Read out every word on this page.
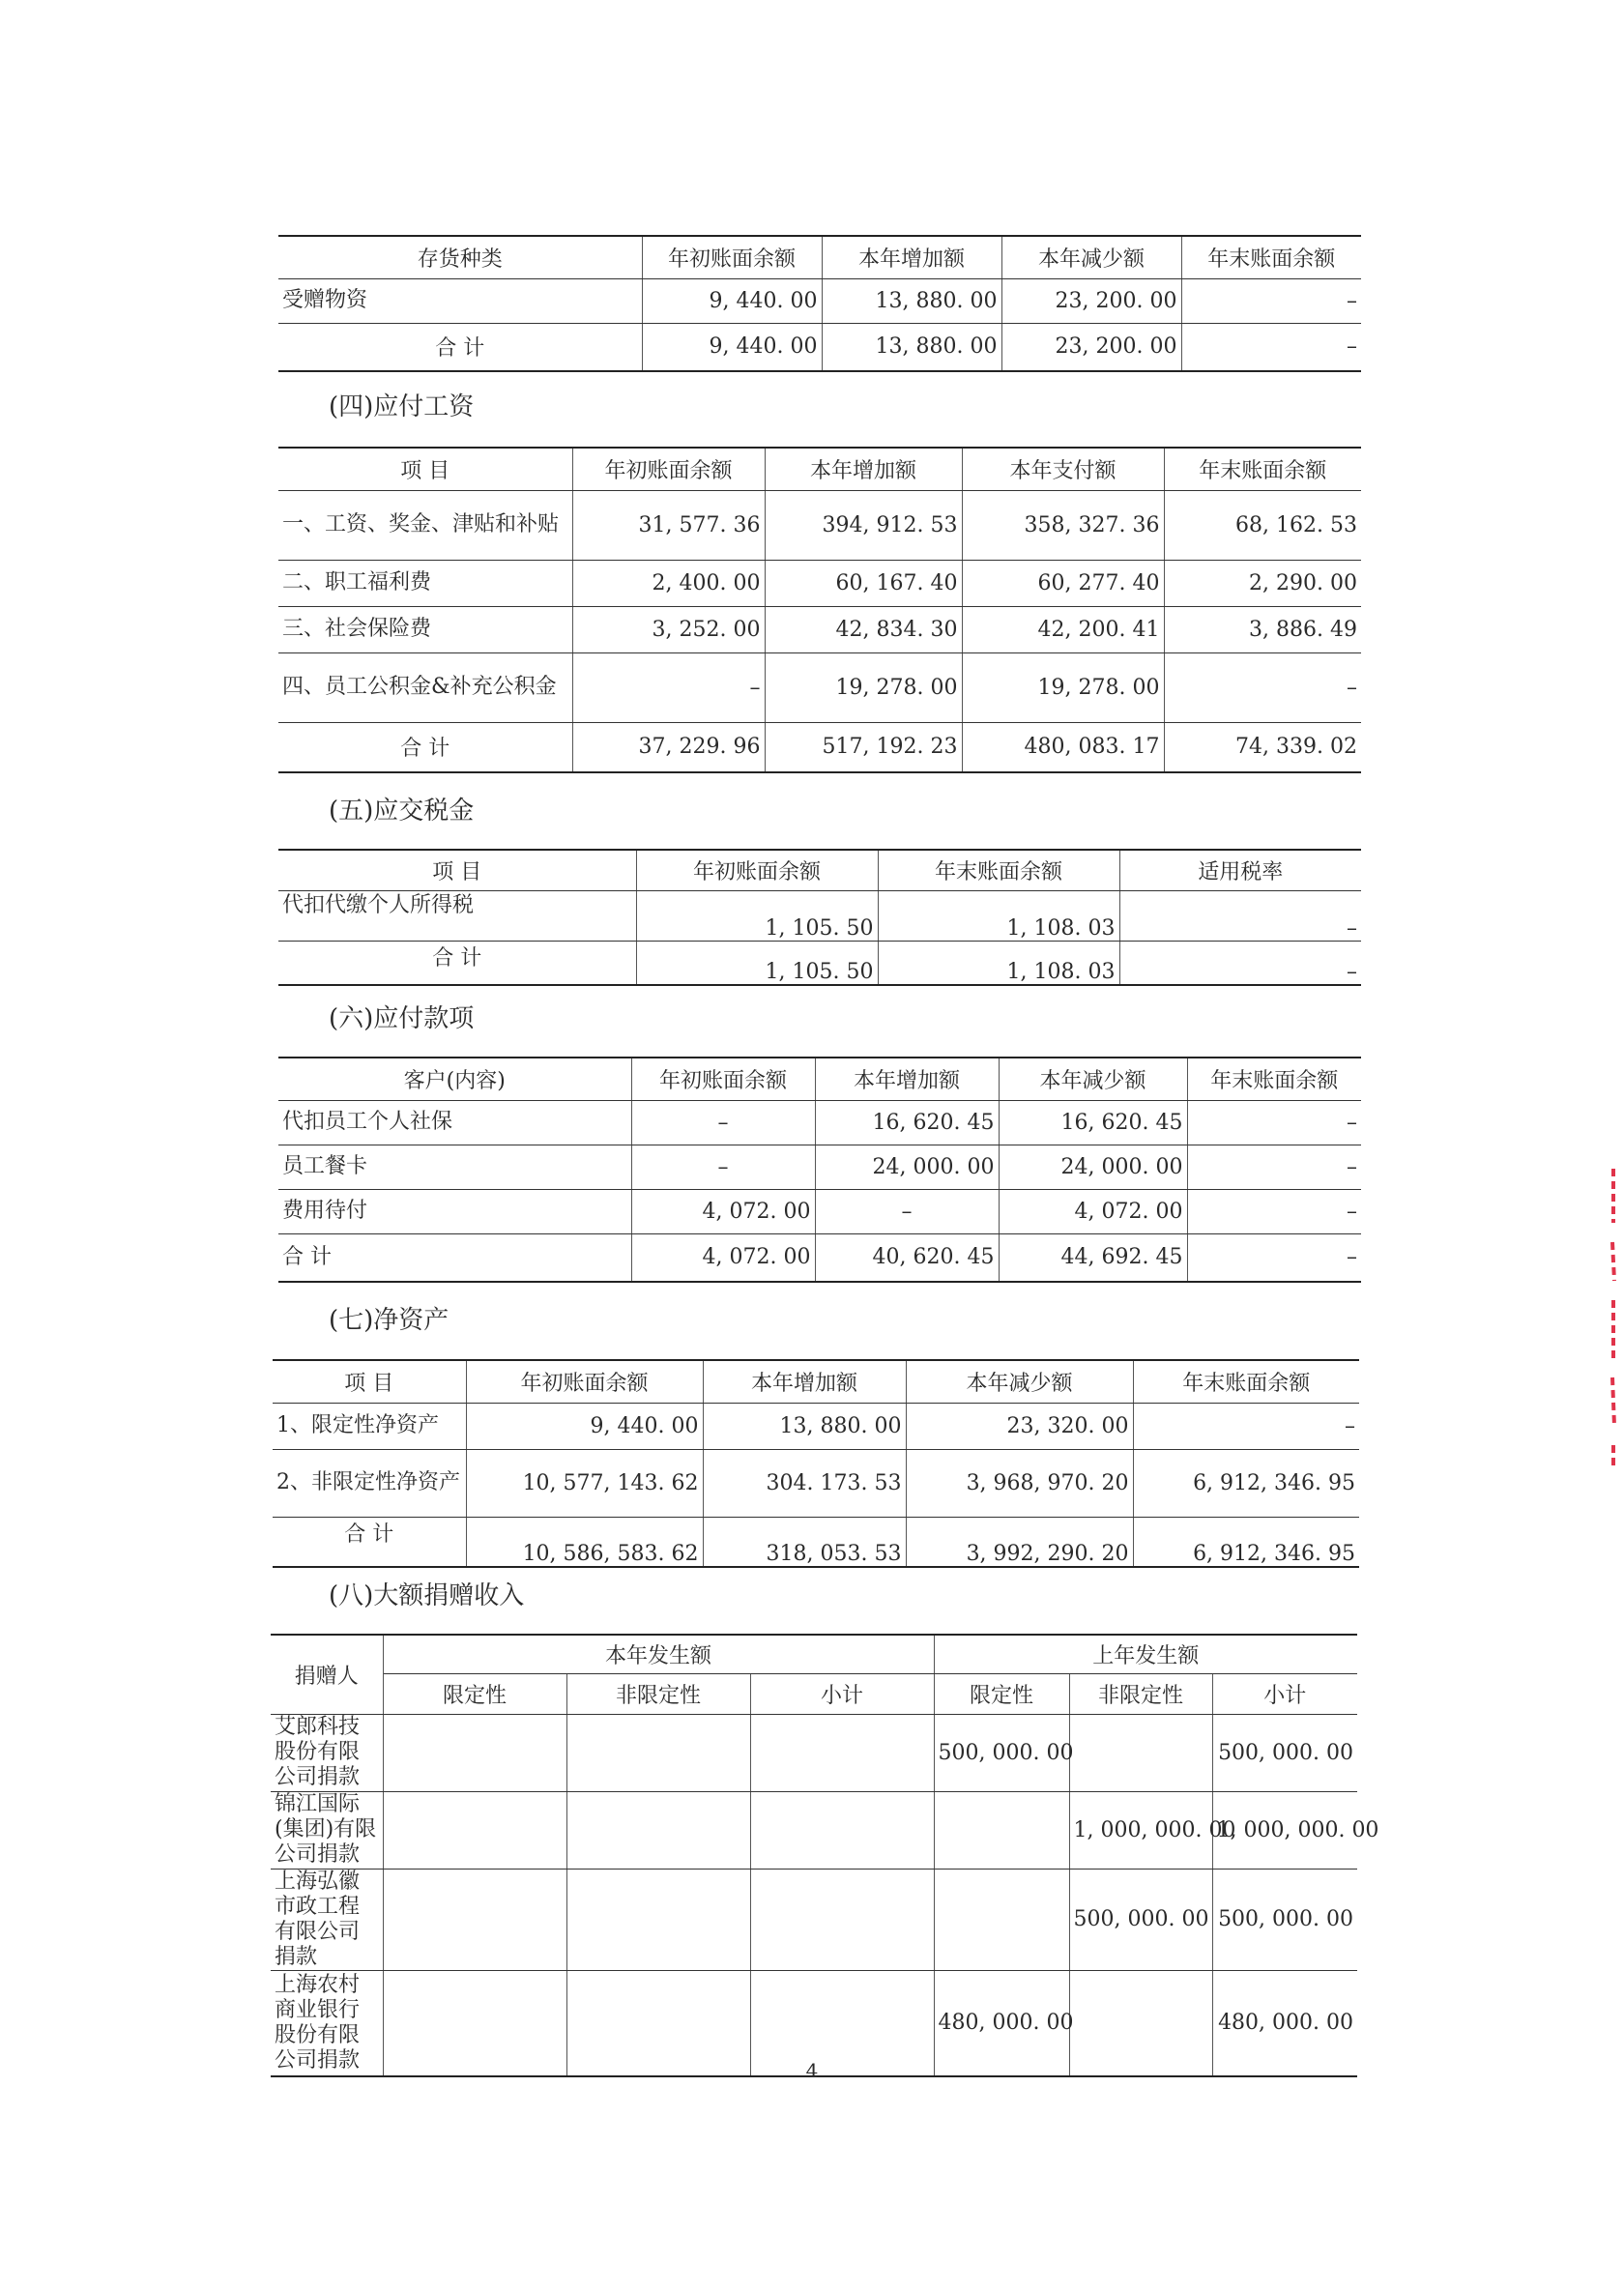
存货种类	年初账面余额	本年增加额	本年减少额	年末账面余额
受赠物资	9, 440. 00	13, 880. 00	23, 200. 00	–
合 计	9, 440. 00	13, 880. 00	23, 200. 00	–
(四)应付工资
项 目	年初账面余额	本年增加额	本年支付额	年末账面余额
一、工资、奖金、津贴和补贴	31, 577. 36	394, 912. 53	358, 327. 36	68, 162. 53
二、职工福利费	2, 400. 00	60, 167. 40	60, 277. 40	2, 290. 00
三、社会保险费	3, 252. 00	42, 834. 30	42, 200. 41	3, 886. 49
四、员工公积金&补充公积金	–	19, 278. 00	19, 278. 00	–
合 计	37, 229. 96	517, 192. 23	480, 083. 17	74, 339. 02
(五)应交税金
项 目	年初账面余额	年末账面余额	适用税率
代扣代缴个人所得税	1, 105. 50	1, 108. 03	–
合 计	1, 105. 50	1, 108. 03	–
(六)应付款项
客户(内容)	年初账面余额	本年增加额	本年减少额	年末账面余额
代扣员工个人社保	–	16, 620. 45	16, 620. 45	–
员工餐卡	–	24, 000. 00	24, 000. 00	–
费用待付	4, 072. 00	–	4, 072. 00	–
合 计	4, 072. 00	40, 620. 45	44, 692. 45	–
(七)净资产
项 目	年初账面余额	本年增加额	本年减少额	年末账面余额
1、限定性净资产	9, 440. 00	13, 880. 00	23, 320. 00	–
2、非限定性净资产	10, 577, 143. 62	304. 173. 53	3, 968, 970. 20	6, 912, 346. 95
合 计	10, 586, 583. 62	318, 053. 53	3, 992, 290. 20	6, 912, 346. 95
(八)大额捐赠收入
捐赠人	本年发生额			上年发生额		
	限定性	非限定性	小计	限定性	非限定性	小计
艾郎科技股份有限公司捐款				500, 000. 00		500, 000. 00
锦江国际(集团)有限公司捐款					1, 000, 000. 00	1, 000, 000. 00
上海弘徽市政工程有限公司捐款					500, 000. 00	500, 000. 00
上海农村商业银行股份有限公司捐款				480, 000. 00		480, 000. 00
4
